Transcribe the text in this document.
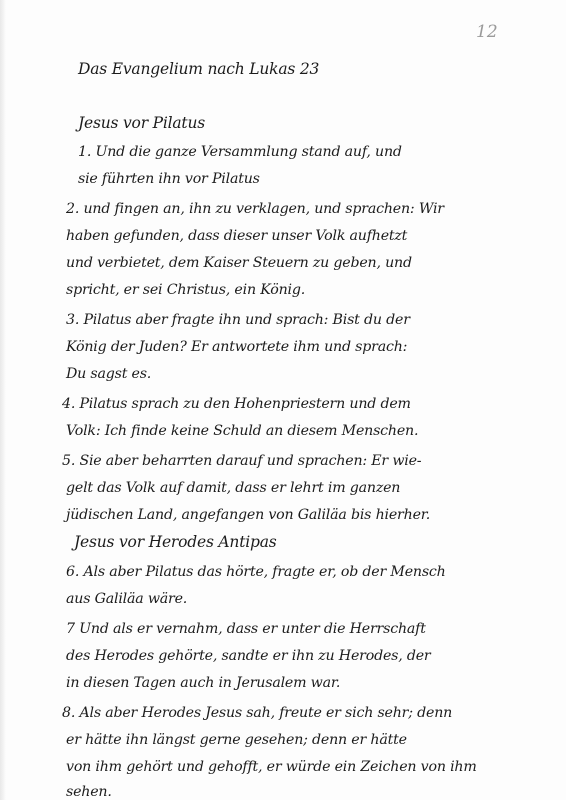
12
Das Evangelium nach Lukas 23
Jesus vor Pilatus
1. Und die ganze Versammlung stand auf, und
sie führten ihn vor Pilatus
2. und fingen an, ihn zu verklagen, und sprachen: Wir
haben gefunden, dass dieser unser Volk aufhetzt
und verbietet, dem Kaiser Steuern zu geben, und
spricht, er sei Christus, ein König.
3. Pilatus aber fragte ihn und sprach: Bist du der
König der Juden? Er antwortete ihm und sprach:
Du sagst es.
4. Pilatus sprach zu den Hohenpriestern und dem
Volk: Ich finde keine Schuld an diesem Menschen.
5. Sie aber beharrten darauf und sprachen: Er wie-
gelt das Volk auf damit, dass er lehrt im ganzen
jüdischen Land, angefangen von Galiläa bis hierher.
Jesus vor Herodes Antipas
6. Als aber Pilatus das hörte, fragte er, ob der Mensch
aus Galiläa wäre.
7 Und als er vernahm, dass er unter die Herrschaft
des Herodes gehörte, sandte er ihn zu Herodes, der
in diesen Tagen auch in Jerusalem war.
8. Als aber Herodes Jesus sah, freute er sich sehr; denn
er hätte ihn längst gerne gesehen; denn er hätte
von ihm gehört und gehofft, er würde ein Zeichen von ihm
sehen.
